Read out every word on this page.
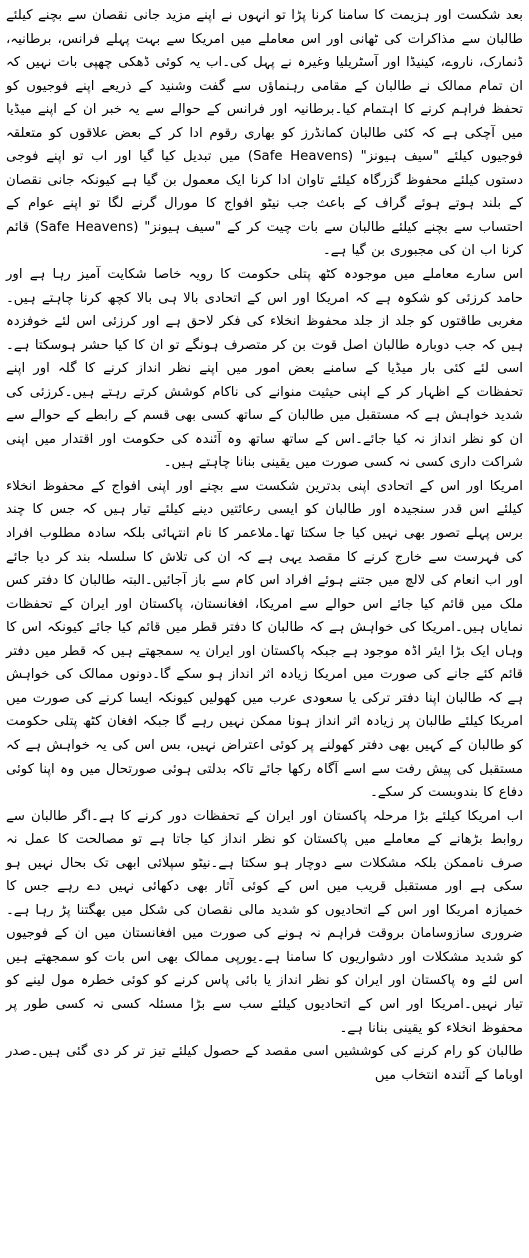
بعد شکست اور ہزیمت کا سامنا کرنا پڑا تو انہوں نے اپنے مزید جانی نقصان سے بچنے کیلئے طالبان سے مذاکرات کی ٹھانی اور اس معاملے میں امریکا سے بہت پہلے فرانس، برطانیہ، ڈنمارک، ناروے، کینیڈا اور آسٹریلیا وغیرہ نے پہل کی۔اب یہ کوئی ڈھکی چھپی بات نہیں کہ ان تمام ممالک نے طالبان کے مقامی رہنماؤں سے گفت وشنید کے ذریعے اپنے فوجیوں کو تحفظ فراہم کرنے کا اہتمام کیا۔برطانیہ اور فرانس کے حوالے سے یہ خبر ان کے اپنے میڈیا میں آچکی ہے کہ کئی طالبان کمانڈرز کو بھاری رقوم ادا کر کے بعض علاقوں کو متعلقہ فوجیوں کیلئے "سیف ہیونز" (Safe Heavens) میں تبدیل کیا گیا اور اب تو اپنے فوجی دستوں کیلئے محفوظ گزرگاہ کیلئے تاوان ادا کرنا ایک معمول بن گیا ہے کیونکہ جانی نقصان کے بلند ہوتے ہوئے گراف کے باعث جب نیٹو افواج کا مورال گرنے لگا تو اپنے عوام کے احتساب سے بچنے کیلئے طالبان سے بات چیت کر کے "سیف ہیونز" (Safe Heavens) قائم کرنا اب ان کی مجبوری بن گیا ہے۔

اس سارے معاملے میں موجودہ کٹھ پتلی حکومت کا رویہ خاصا شکایت آمیز رہا ہے اور حامد کرزئی کو شکوہ ہے کہ امریکا اور اس کے اتحادی بالا ہی بالا کچھ کرنا چاہتے ہیں۔مغربی طاقتوں کو جلد از جلد محفوظ انخلاء کی فکر لاحق ہے اور کرزئی اس لئے خوفزدہ ہیں کہ جب دوبارہ طالبان اصل قوت بن کر متصرف ہونگے تو ان کا کیا حشر ہوسکتا ہے۔اسی لئے کئی بار میڈیا کے سامنے بعض امور میں اپنے نظر انداز کرنے کا گلہ اور اپنے تحفظات کے اظہار کر کے اپنی حیثیت منوانے کی ناکام کوشش کرتے رہتے ہیں۔کرزئی کی شدید خواہش ہے کہ مستقبل میں طالبان کے ساتھ کسی بھی قسم کے رابطے کے حوالے سے ان کو نظر انداز نہ کیا جائے۔اس کے ساتھ ساتھ وہ آئندہ کی حکومت اور اقتدار میں اپنی شراکت داری کسی نہ کسی صورت میں یقینی بنانا چاہتے ہیں۔

امریکا اور اس کے اتحادی اپنی بدترین شکست سے بچنے اور اپنی افواج کے محفوظ انخلاء کیلئے اس قدر سنجیدہ اور طالبان کو ایسی رعائتیں دینے کیلئے تیار ہیں کہ جس کا چند برس پہلے تصور بھی نہیں کیا جا سکتا تھا۔ملاعمر کا نام انتہائی بلکہ سادہ مطلوب افراد کی فہرست سے خارج کرنے کا مقصد یہی ہے کہ ان کی تلاش کا سلسلہ بند کر دیا جائے اور اب انعام کی لالچ میں جتنے ہوئے افراد اس کام سے باز آجائیں۔البتہ طالبان کا دفتر کس ملک میں قائم کیا جائے اس حوالے سے امریکا، افغانستان، پاکستان اور ایران کے تحفظات نمایاں ہیں۔امریکا کی خواہش ہے کہ طالبان کا دفتر قطر میں قائم کیا جائے کیونکہ اس کا وہاں ایک بڑا ایئر اڈہ موجود ہے جبکہ پاکستان اور ایران یہ سمجھتے ہیں کہ قطر میں دفتر قائم کئے جانے کی صورت میں امریکا زیادہ اثر انداز ہو سکے گا۔دونوں ممالک کی خواہش ہے کہ طالبان اپنا دفتر ترکی یا سعودی عرب میں کھولیں کیونکہ ایسا کرنے کی صورت میں امریکا کیلئے طالبان پر زیادہ اثر انداز ہونا ممکن نہیں رہے گا جبکہ افغان کٹھ پتلی حکومت کو طالبان کے کہیں بھی دفتر کھولنے پر کوئی اعتراض نہیں، بس اس کی یہ خواہش ہے کہ مستقبل کی پیش رفت سے اسے آگاہ رکھا جائے تاکہ بدلتی ہوئی صورتحال میں وہ اپنا کوئی دفاع کا بندوبست کر سکے۔

اب امریکا کیلئے بڑا مرحلہ پاکستان اور ایران کے تحفظات دور کرنے کا ہے۔اگر طالبان سے روابط بڑھانے کے معاملے میں پاکستان کو نظر انداز کیا جاتا ہے تو مصالحت کا عمل نہ صرف ناممکن بلکہ مشکلات سے دوچار ہو سکتا ہے۔نیٹو سپلائی ابھی تک بحال نہیں ہو سکی ہے اور مستقبل قریب میں اس کے کوئی آثار بھی دکھائی نہیں دے رہے جس کا خمیازہ امریکا اور اس کے اتحادیوں کو شدید مالی نقصان کی شکل میں بھگتنا پڑ رہا ہے۔ضروری سازوسامان بروقت فراہم نہ ہونے کی صورت میں افغانستان میں ان کے فوجیوں کو شدید مشکلات اور دشواریوں کا سامنا ہے۔یورپی ممالک بھی اس بات کو سمجھتے ہیں اس لئے وہ پاکستان اور ایران کو نظر انداز یا بائی پاس کرنے کو کوئی خطرہ مول لینے کو تیار نہیں۔امریکا اور اس کے اتحادیوں کیلئے سب سے بڑا مسئلہ کسی نہ کسی طور پر محفوظ انخلاء کو یقینی بنانا ہے۔

طالبان کو رام کرنے کی کوششیں اسی مقصد کے حصول کیلئے تیز تر کر دی گئی ہیں۔صدر اوباما کے آئندہ انتخاب میں
